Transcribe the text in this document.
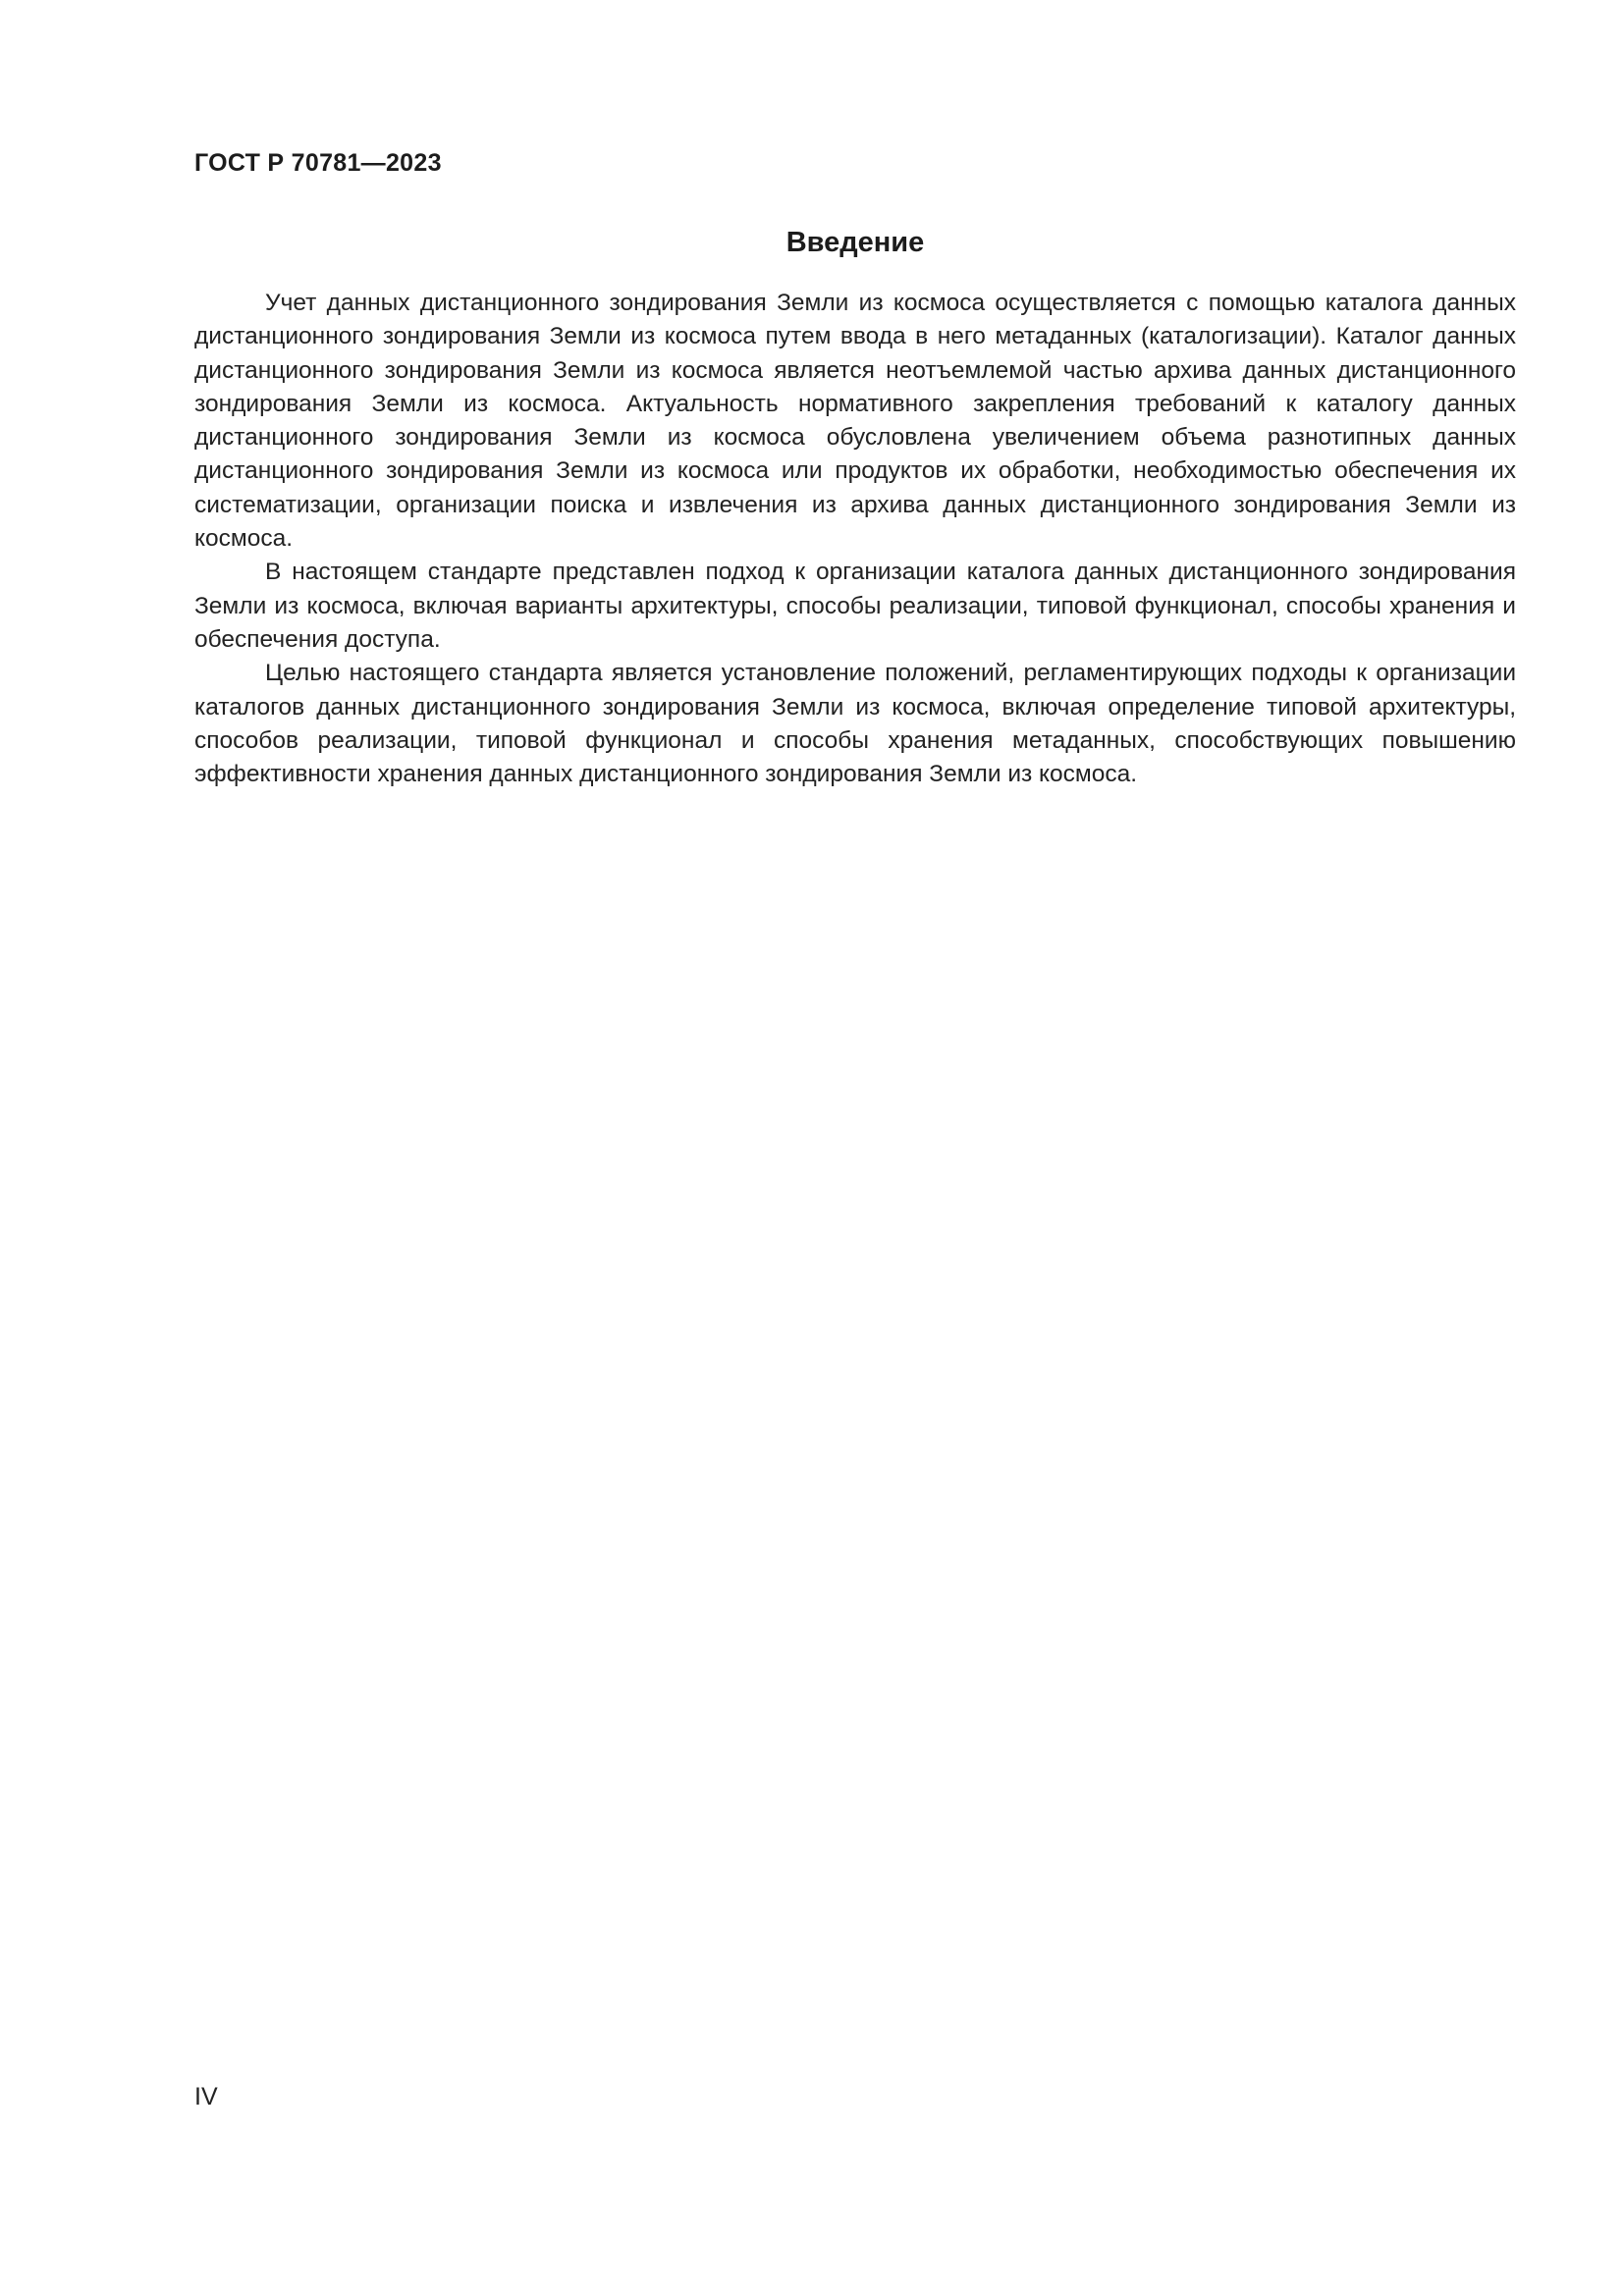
ГОСТ Р 70781—2023
Введение

Учет данных дистанционного зондирования Земли из космоса осуществляется с помощью каталога данных дистанционного зондирования Земли из космоса путем ввода в него метаданных (каталогизации). Каталог данных дистанционного зондирования Земли из космоса является неотъемлемой частью архива данных дистанционного зондирования Земли из космоса. Актуальность нормативного закрепления требований к каталогу данных дистанционного зондирования Земли из космоса обусловлена увеличением объема разнотипных данных дистанционного зондирования Земли из космоса или продуктов их обработки, необходимостью обеспечения их систематизации, организации поиска и извлечения из архива данных дистанционного зондирования Земли из космоса.

В настоящем стандарте представлен подход к организации каталога данных дистанционного зондирования Земли из космоса, включая варианты архитектуры, способы реализации, типовой функционал, способы хранения и обеспечения доступа.

Целью настоящего стандарта является установление положений, регламентирующих подходы к организации каталогов данных дистанционного зондирования Земли из космоса, включая определение типовой архитектуры, способов реализации, типовой функционал и способы хранения метаданных, способствующих повышению эффективности хранения данных дистанционного зондирования Земли из космоса.

IV
